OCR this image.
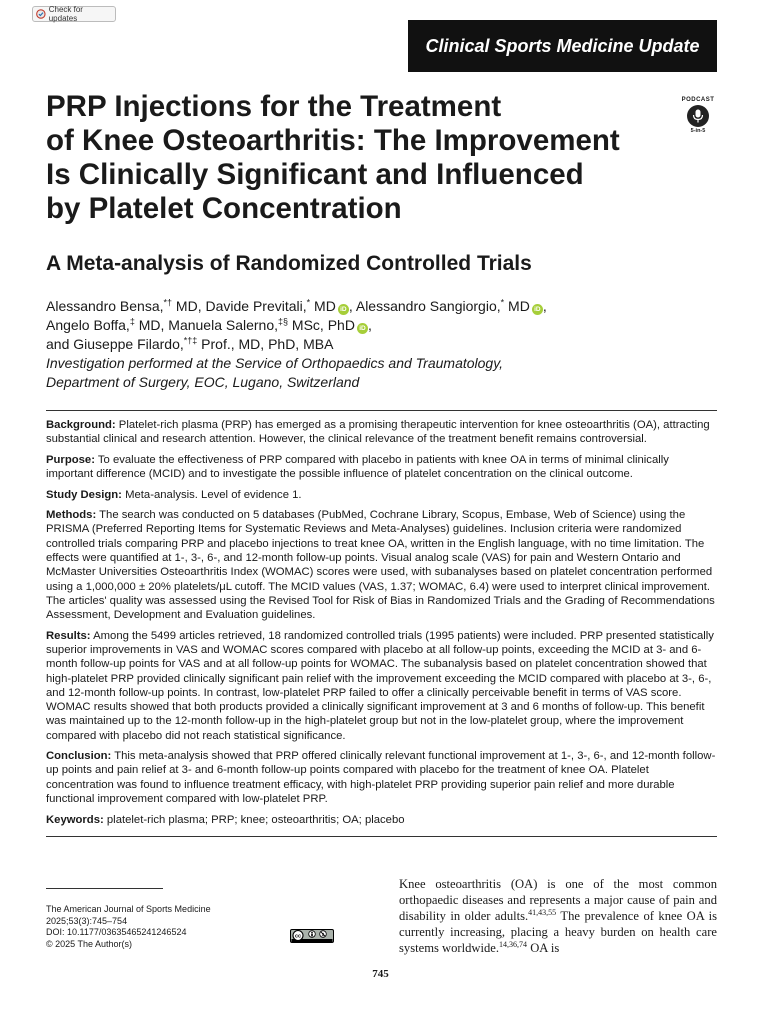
Check for updates
Clinical Sports Medicine Update
PRP Injections for the Treatment
of Knee Osteoarthritis: The Improvement
Is Clinically Significant and Influenced
by Platelet Concentration
PODCAST
5-in-5
A Meta-analysis of Randomized Controlled Trials
Alessandro Bensa,*† MD, Davide Previtali,* MD iD , Alessandro Sangiorgio,* MD iD ,
Angelo Boffa,‡ MD, Manuela Salerno,‡§ MSc, PhD iD ,
and Giuseppe Filardo,*†‡ Prof., MD, PhD, MBA
Investigation performed at the Service of Orthopaedics and Traumatology,
Department of Surgery, EOC, Lugano, Switzerland

Background: Platelet-rich plasma (PRP) has emerged as a promising therapeutic intervention for knee osteoarthritis (OA), attracting substantial clinical and research attention. However, the clinical relevance of the treatment benefit remains controversial.

Purpose: To evaluate the effectiveness of PRP compared with placebo in patients with knee OA in terms of minimal clinically important difference (MCID) and to investigate the possible influence of platelet concentration on the clinical outcome.

Study Design: Meta-analysis. Level of evidence 1.

Methods: The search was conducted on 5 databases (PubMed, Cochrane Library, Scopus, Embase, Web of Science) using the PRISMA (Preferred Reporting Items for Systematic Reviews and Meta-Analyses) guidelines. Inclusion criteria were randomized controlled trials comparing PRP and placebo injections to treat knee OA, written in the English language, with no time limitation. The effects were quantified at 1-, 3-, 6-, and 12-month follow-up points. Visual analog scale (VAS) for pain and Western Ontario and McMaster Universities Osteoarthritis Index (WOMAC) scores were used, with subanalyses based on platelet concentration performed using a 1,000,000 ± 20% platelets/μL cutoff. The MCID values (VAS, 1.37; WOMAC, 6.4) were used to interpret clinical improvement. The articles' quality was assessed using the Revised Tool for Risk of Bias in Randomized Trials and the Grading of Recommendations Assessment, Development and Evaluation guidelines.

Results: Among the 5499 articles retrieved, 18 randomized controlled trials (1995 patients) were included. PRP presented statistically superior improvements in VAS and WOMAC scores compared with placebo at all follow-up points, exceeding the MCID at 3- and 6-month follow-up points for VAS and at all follow-up points for WOMAC. The subanalysis based on platelet concentration showed that high-platelet PRP provided clinically significant pain relief with the improvement exceeding the MCID compared with placebo at 3-, 6-, and 12-month follow-up points. In contrast, low-platelet PRP failed to offer a clinically perceivable benefit in terms of VAS score. WOMAC results showed that both products provided a clinically significant improvement at 3 and 6 months of follow-up. This benefit was maintained up to the 12-month follow-up in the high-platelet group but not in the low-platelet group, where the improvement compared with placebo did not reach statistical significance.

Conclusion: This meta-analysis showed that PRP offered clinically relevant functional improvement at 1-, 3-, 6-, and 12-month follow-up points and pain relief at 3- and 6-month follow-up points compared with placebo for the treatment of knee OA. Platelet concentration was found to influence treatment efficacy, with high-platelet PRP providing superior pain relief and more durable functional improvement compared with low-platelet PRP.

Keywords: platelet-rich plasma; PRP; knee; osteoarthritis; OA; placebo

The American Journal of Sports Medicine
2025;53(3):745–754
DOI: 10.1177/03635465241246524
© 2025 The Author(s)
cc
Knee osteoarthritis (OA) is one of the most common orthopaedic diseases and represents a major cause of pain and disability in older adults.$^{41,43,55}$ The prevalence of knee OA is currently increasing, placing a heavy burden on health care systems worldwide.$^{14,36,74}$ OA is
745
